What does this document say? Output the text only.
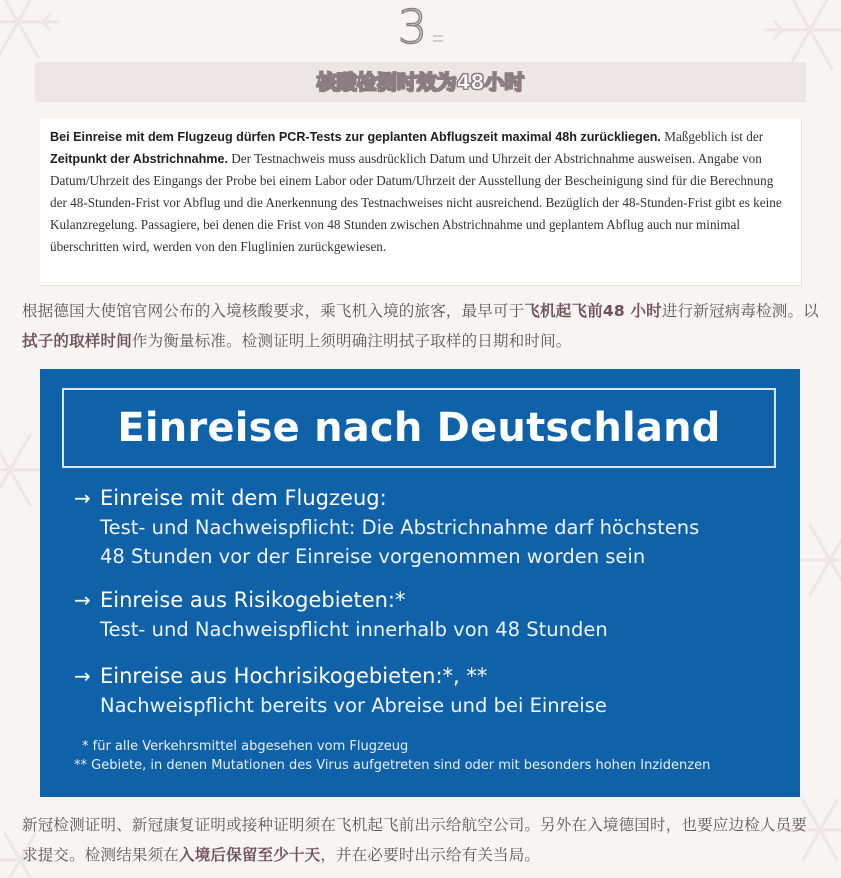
3
核酸检测时效为48小时
Bei Einreise mit dem Flugzeug dürfen PCR-Tests zur geplanten Abflugszeit maximal 48h zurückliegen. Maßgeblich ist der Zeitpunkt der Abstrichnahme. Der Testnachweis muss ausdrücklich Datum und Uhrzeit der Abstrichnahme ausweisen. Angabe von Datum/Uhrzeit des Eingangs der Probe bei einem Labor oder Datum/Uhrzeit der Ausstellung der Bescheinigung sind für die Berechnung der 48-Stunden-Frist vor Abflug und die Anerkennung des Testnachweises nicht ausreichend. Bezüglich der 48-Stunden-Frist gibt es keine Kulanzregelung. Passagiere, bei denen die Frist von 48 Stunden zwischen Abstrichnahme und geplantem Abflug auch nur minimal überschritten wird, werden von den Fluglinien zurückgewiesen.
根据德国大使馆官网公布的入境核酸要求，乘飞机入境的旅客，最早可于飞机起飞前48 小时进行新冠病毒检测。以拭子的取样时间作为衡量标准。检测证明上须明确注明拭子取样的日期和时间。
Einreise nach Deutschland
→ Einreise mit dem Flugzeug:
Test- und Nachweispflicht: Die Abstrichnahme darf höchstens
48 Stunden vor der Einreise vorgenommen worden sein
→ Einreise aus Risikogebieten:*
Test- und Nachweispflicht innerhalb von 48 Stunden
→ Einreise aus Hochrisikogebieten:*, **
Nachweispflicht bereits vor Abreise und bei Einreise
* für alle Verkehrsmittel abgesehen vom Flugzeug
** Gebiete, in denen Mutationen des Virus aufgetreten sind oder mit besonders hohen Inzidenzen
新冠检测证明、新冠康复证明或接种证明须在飞机起飞前出示给航空公司。另外在入境德国时，也要应边检人员要求提交。检测结果须在入境后保留至少十天，并在必要时出示给有关当局。
